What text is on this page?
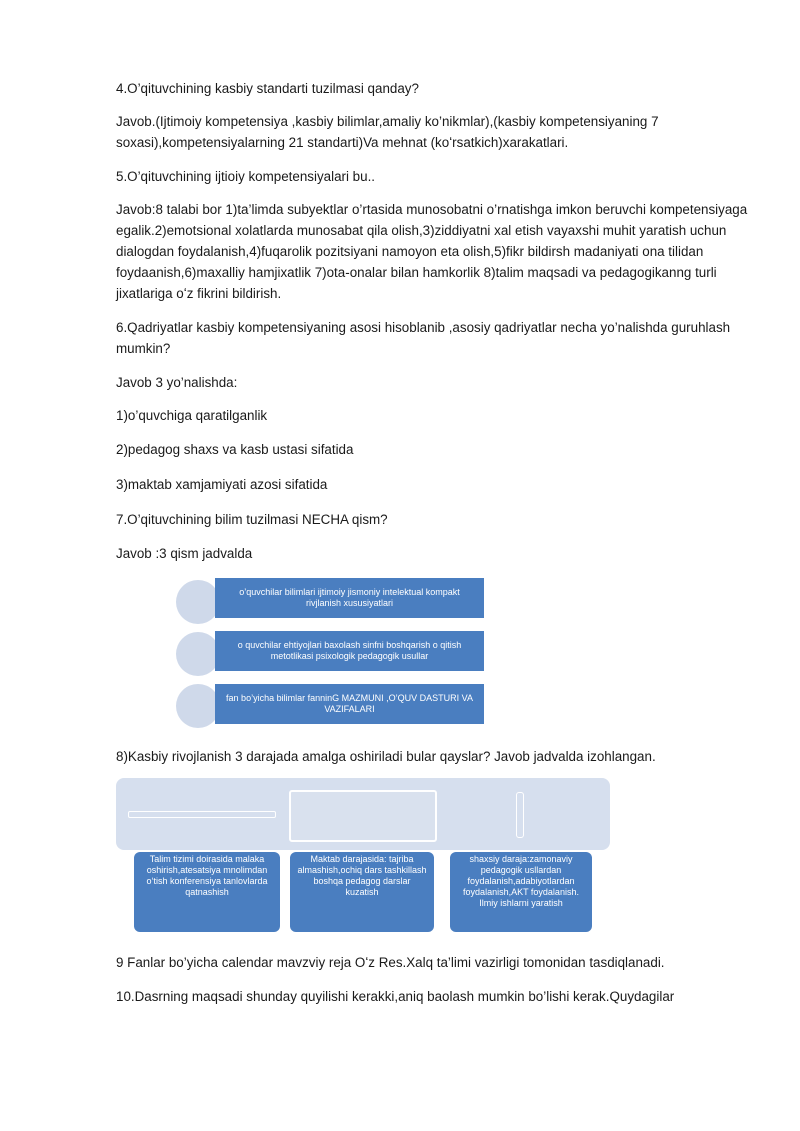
4.O’qituvchining kasbiy standarti tuzilmasi qanday?

Javob.(Ijtimoiy kompetensiya ,kasbiy bilimlar,amaliy ko’nikmlar),(kasbiy kompetensiyaning 7 soxasi),kompetensiyalarning 21 standarti)Va mehnat (koʻrsatkich)xarakatlari.

5.O’qituvchining ijtioiy kompetensiyalari bu..

Javob:8 talabi bor 1)ta’limda subyektlar o’rtasida munosobatni o’rnatishga imkon beruvchi kompetensiyaga egalik.2)emotsional xolatlarda munosabat qila olish,3)ziddiyatni xal etish vayaxshi muhit yaratish uchun dialogdan foydalanish,4)fuqarolik pozitsiyani namoyon eta olish,5)fikr bildirsh madaniyati ona tilidan foydaanish,6)maxalliy hamjixatlik 7)ota-onalar bilan hamkorlik 8)talim maqsadi va pedagogikanng turli jixatlariga oʻz fikrini bildirish.

6.Qadriyatlar kasbiy kompetensiyaning asosi hisoblanib ,asosiy qadriyatlar necha yo’nalishda guruhlash mumkin?

Javob 3 yo’nalishda:

1)o’quvchiga qaratilganlik

2)pedagog shaxs va kasb ustasi sifatida

3)maktab xamjamiyati azosi sifatida

7.O’qituvchining bilim tuzilmasi NECHA qism?

Javob :3 qism jadvalda

8)Kasbiy rivojlanish 3 darajada amalga oshiriladi bular qayslar? Javob jadvalda izohlangan.

9 Fanlar bo’yicha calendar mavzviy reja Oʻz Res.Xalq ta’limi vazirligi tomonidan tasdiqlanadi.

10.Dasrning maqsadi shunday quyilishi kerakki,aniq baolash mumkin bo’lishi kerak.Quydagilar

o’quvchilar bilimlari ijtimoiy jismoniy intelektual kompakt rivjlanish xususiyatlari
o quvchilar ehtiyojlari baxolash sinfni boshqarish o qitish metotlikasi psixologik pedagogik usullar
fan bo’yicha bilimlar fanninG MAZMUNI ,O’QUV DASTURI VA VAZIFALARI
Talim tizimi doirasida malaka oshirish,atesatsiya mnolimdan oʻtish konferensiya tanlovlarda qatnashish
Maktab darajasida: tajriba almashish,ochiq dars tashkillash boshqa pedagog darslar kuzatish
shaxsiy daraja:zamonaviy pedagogik usllardan foydalanish,adabiyotlardan foydalanish,AKT foydalanish. Ilmiy ishlarni yaratish
